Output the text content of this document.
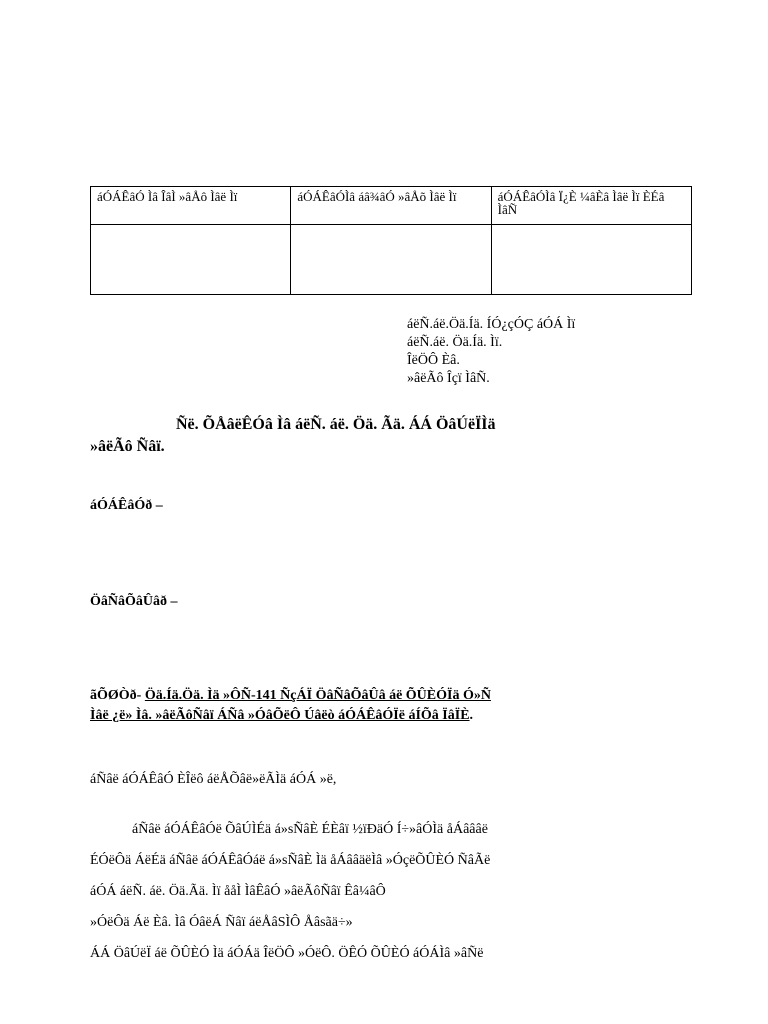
áÓÁÊâÓ Ìâ ÎâÌ »âÅô Ìâë Ìï	áÓÁÊâÓÌâ áâ¾âÓ »âÅõ Ìâë Ìï	áÓÁÊâÓÌâ Ï¿È ¼âÈâ Ìâë Ìï ÈÉâ ÌâÑ

áëÑ.áë.Öä.Íä. ÍÓ¿çÓÇ áÓÁ Ìï
áëÑ.áë. Öä.Íä. Ìï.
ÎëÖÔ Èâ.
»âëÃô Îçï ÌâÑ.
Ñë. ÕÅâëÊÓâ Ìâ áëÑ. áë. Öä. Ãä. ÁÁ ÖâÚëÏÌä
»âëÃô Ñâï.
áÓÁÊâÓð –
ÖâÑâÕâÛâð –
ãÕØÒð- Öä.Íä.Öä. Ìä »ÔÑ-141 ÑçÁÏ ÖâÑâÕâÛâ áë ÕÛÈÓÏä Ó»Ñ
Ìâë ¿ë» Ìâ. »âëÃôÑâï ÁÑâ »ÓâÕëÔ Úâëò áÓÁÊâÓÏë áÍÕâ ÏâÏÈ.
áÑâë áÓÁÊâÓ ÈÎëô áëÅÕâë»ëÃÌä áÓÁ »ë,
áÑâë áÓÁÊâÓë ÕâÚÌÉä á»sÑâÈ ÉÈâï ½ïÐäÓ Í÷»âÓÌä åÁâââë
ÉÓëÔä ÁëÉä áÑâë áÓÁÊâÓáë á»sÑâÈ Ìä åÁââäëÌâ »ÓçëÕÛÈÓ ÑâÃë
áÓÁ áëÑ. áë. Öä.Ãä. Ìï ååÌ ÌâÊâÓ »âëÃôÑâï Êâ¼âÔ
»ÓëÔä Áë Èâ. Ìâ ÓâëÁ Ñâï áëÅâSÌÔ Åâsãä÷»
ÁÁ ÖâÚëÏ áë ÕÛÈÓ Ìä áÓÁä ÎëÖÔ »ÓëÔ. ÖÊÓ ÕÛÈÓ áÓÁÌâ »âÑë
